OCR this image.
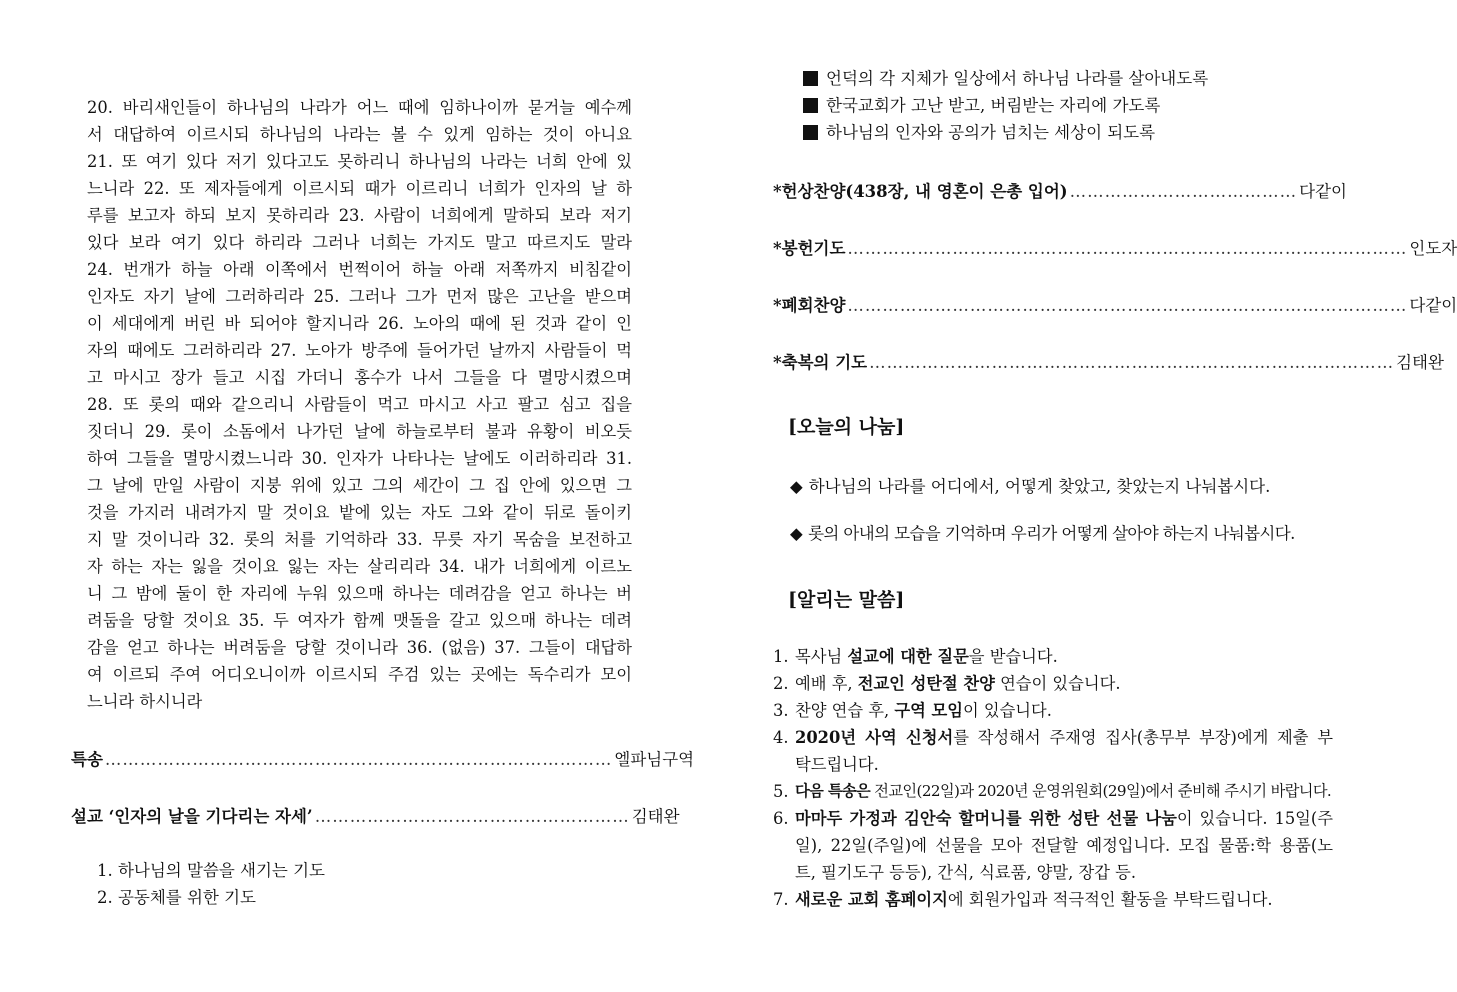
20. 바리새인들이 하나님의 나라가 어느 때에 임하나이까 묻거늘 예수께
서 대답하여 이르시되 하나님의 나라는 볼 수 있게 임하는 것이 아니요
21. 또 여기 있다 저기 있다고도 못하리니 하나님의 나라는 너희 안에 있
느니라 22. 또 제자들에게 이르시되 때가 이르리니 너희가 인자의 날 하
루를 보고자 하되 보지 못하리라 23. 사람이 너희에게 말하되 보라 저기
있다 보라 여기 있다 하리라 그러나 너희는 가지도 말고 따르지도 말라
24. 번개가 하늘 아래 이쪽에서 번쩍이어 하늘 아래 저쪽까지 비침같이
인자도 자기 날에 그러하리라 25. 그러나 그가 먼저 많은 고난을 받으며
이 세대에게 버린 바 되어야 할지니라 26. 노아의 때에 된 것과 같이 인
자의 때에도 그러하리라 27. 노아가 방주에 들어가던 날까지 사람들이 먹
고 마시고 장가 들고 시집 가더니 홍수가 나서 그들을 다 멸망시켰으며
28. 또 롯의 때와 같으리니 사람들이 먹고 마시고 사고 팔고 심고 집을
짓더니 29. 롯이 소돔에서 나가던 날에 하늘로부터 불과 유황이 비오듯
하여 그들을 멸망시켰느니라 30. 인자가 나타나는 날에도 이러하리라 31.
그 날에 만일 사람이 지붕 위에 있고 그의 세간이 그 집 안에 있으면 그
것을 가지러 내려가지 말 것이요 밭에 있는 자도 그와 같이 뒤로 돌이키
지 말 것이니라 32. 롯의 처를 기억하라 33. 무릇 자기 목숨을 보전하고
자 하는 자는 잃을 것이요 잃는 자는 살리리라 34. 내가 너희에게 이르노
니 그 밤에 둘이 한 자리에 누워 있으매 하나는 데려감을 얻고 하나는 버
려둠을 당할 것이요 35. 두 여자가 함께 맷돌을 갈고 있으매 하나는 데려
감을 얻고 하나는 버려둠을 당할 것이니라 36. (없음) 37. 그들이 대답하
여 이르되 주여 어디오니이까 이르시되 주검 있는 곳에는 독수리가 모이
느니라 하시니라
특송 …………………………………………………………………………… 엘파님구역
설교 ‘인자의 날을 기다리는 자세’ ……………………………………………… 김태완
1. 하나님의 말씀을 새기는 기도
2. 공동체를 위한 기도
언덕의 각 지체가 일상에서 하나님 나라를 살아내도록
한국교회가 고난 받고, 버림받는 자리에 가도록
하나님의 인자와 공의가 넘치는 세상이 되도록
*헌상찬양(438장, 내 영혼이 은총 입어) ………………………………… 다같이
*봉헌기도 …………………………………………………………………………………… 인도자
*폐회찬양 …………………………………………………………………………………… 다같이
*축복의 기도 ……………………………………………………………………………… 김태완
[오늘의 나눔]
◆ 하나님의 나라를 어디에서, 어떻게 찾았고, 찾았는지 나눠봅시다.
◆ 롯의 아내의 모습을 기억하며 우리가 어떻게 살아야 하는지 나눠봅시다.
[알리는 말씀]
1. 목사님 설교에 대한 질문을 받습니다.
2. 예배 후, 전교인 성탄절 찬양 연습이 있습니다.
3. 찬양 연습 후, 구역 모임이 있습니다.
4. 2020년 사역 신청서를 작성해서 주재영 집사(총무부 부장)에게 제출 부
탁드립니다.
5. 다음 특송은 전교인(22일)과 2020년 운영위원회(29일)에서 준비해 주시기 바랍니다.
6. 마마두 가정과 김안숙 할머니를 위한 성탄 선물 나눔이 있습니다. 15일(주
일), 22일(주일)에 선물을 모아 전달할 예정입니다. 모집 물품:학 용품(노
트, 필기도구 등등), 간식, 식료품, 양말, 장갑 등.
7. 새로운 교회 홈페이지에 회원가입과 적극적인 활동을 부탁드립니다.
